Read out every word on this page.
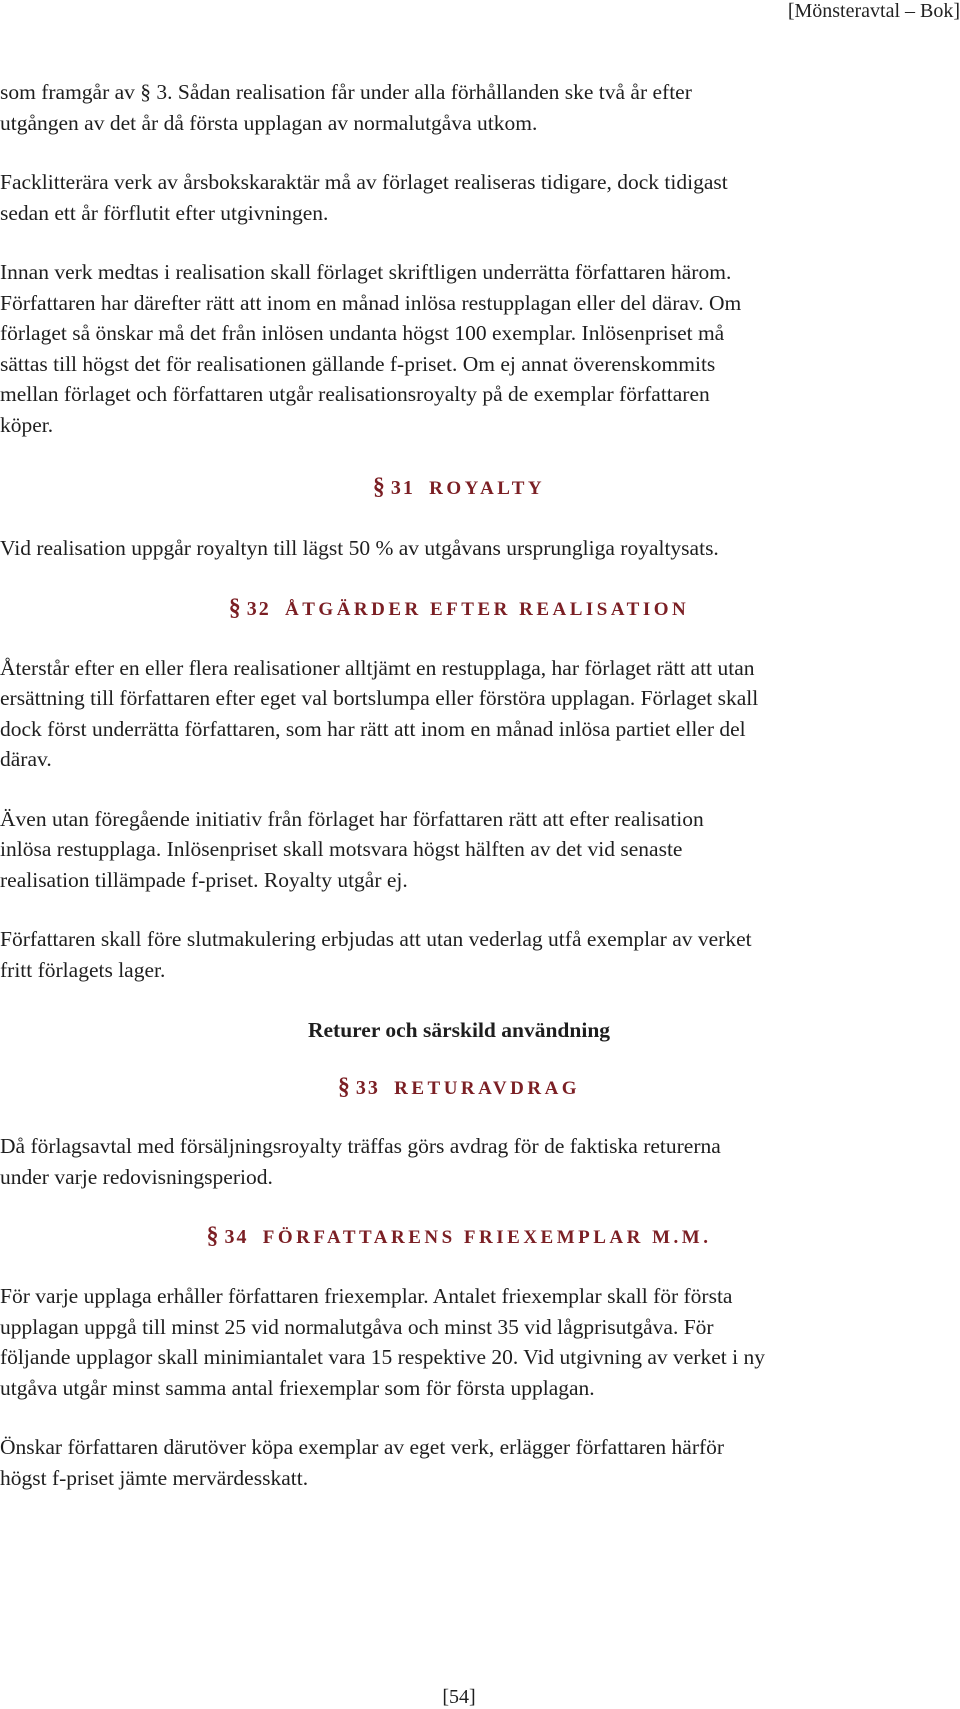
[Mönsteravtal – Bok]

som framgår av § 3. Sådan realisation får under alla förhållanden ske två år efter
utgången av det år då första upplagan av normalutgåva utkom.

Facklitterära verk av årsbokskaraktär må av förlaget realiseras tidigare, dock tidigast
sedan ett år förflutit efter utgivningen.

Innan verk medtas i realisation skall förlaget skriftligen underrätta författaren härom.
Författaren har därefter rätt att inom en månad inlösa restupplagan eller del därav. Om
förlaget så önskar må det från inlösen undanta högst 100 exemplar. Inlösenpriset må
sättas till högst det för realisationen gällande f-priset. Om ej annat överenskommits
mellan förlaget och författaren utgår realisationsroyalty på de exemplar författaren
köper.

§31 ROYALTY

Vid realisation uppgår royaltyn till lägst 50 % av utgåvans ursprungliga royaltysats.

§32 ÅTGÄRDER EFTER REALISATION

Återstår efter en eller flera realisationer alltjämt en restupplaga, har förlaget rätt att utan
ersättning till författaren efter eget val bortslumpa eller förstöra upplagan. Förlaget skall
dock först underrätta författaren, som har rätt att inom en månad inlösa partiet eller del
därav.

Även utan föregående initiativ från förlaget har författaren rätt att efter realisation
inlösa restupplaga. Inlösenpriset skall motsvara högst hälften av det vid senaste
realisation tillämpade f-priset. Royalty utgår ej.

Författaren skall före slutmakulering erbjudas att utan vederlag utfå exemplar av verket
fritt förlagets lager.

Returer och särskild användning
§33 RETURAVDRAG

Då förlagsavtal med försäljningsroyalty träffas görs avdrag för de faktiska returerna
under varje redovisningsperiod.

§34 FÖRFATTARENS FRIEXEMPLAR M.M.

För varje upplaga erhåller författaren friexemplar. Antalet friexemplar skall för första
upplagan uppgå till minst 25 vid normalutgåva och minst 35 vid lågprisutgåva. För
följande upplagor skall minimiantalet vara 15 respektive 20. Vid utgivning av verket i ny
utgåva utgår minst samma antal friexemplar som för första upplagan.

Önskar författaren därutöver köpa exemplar av eget verk, erlägger författaren härför
högst f-priset jämte mervärdesskatt.

[54]
